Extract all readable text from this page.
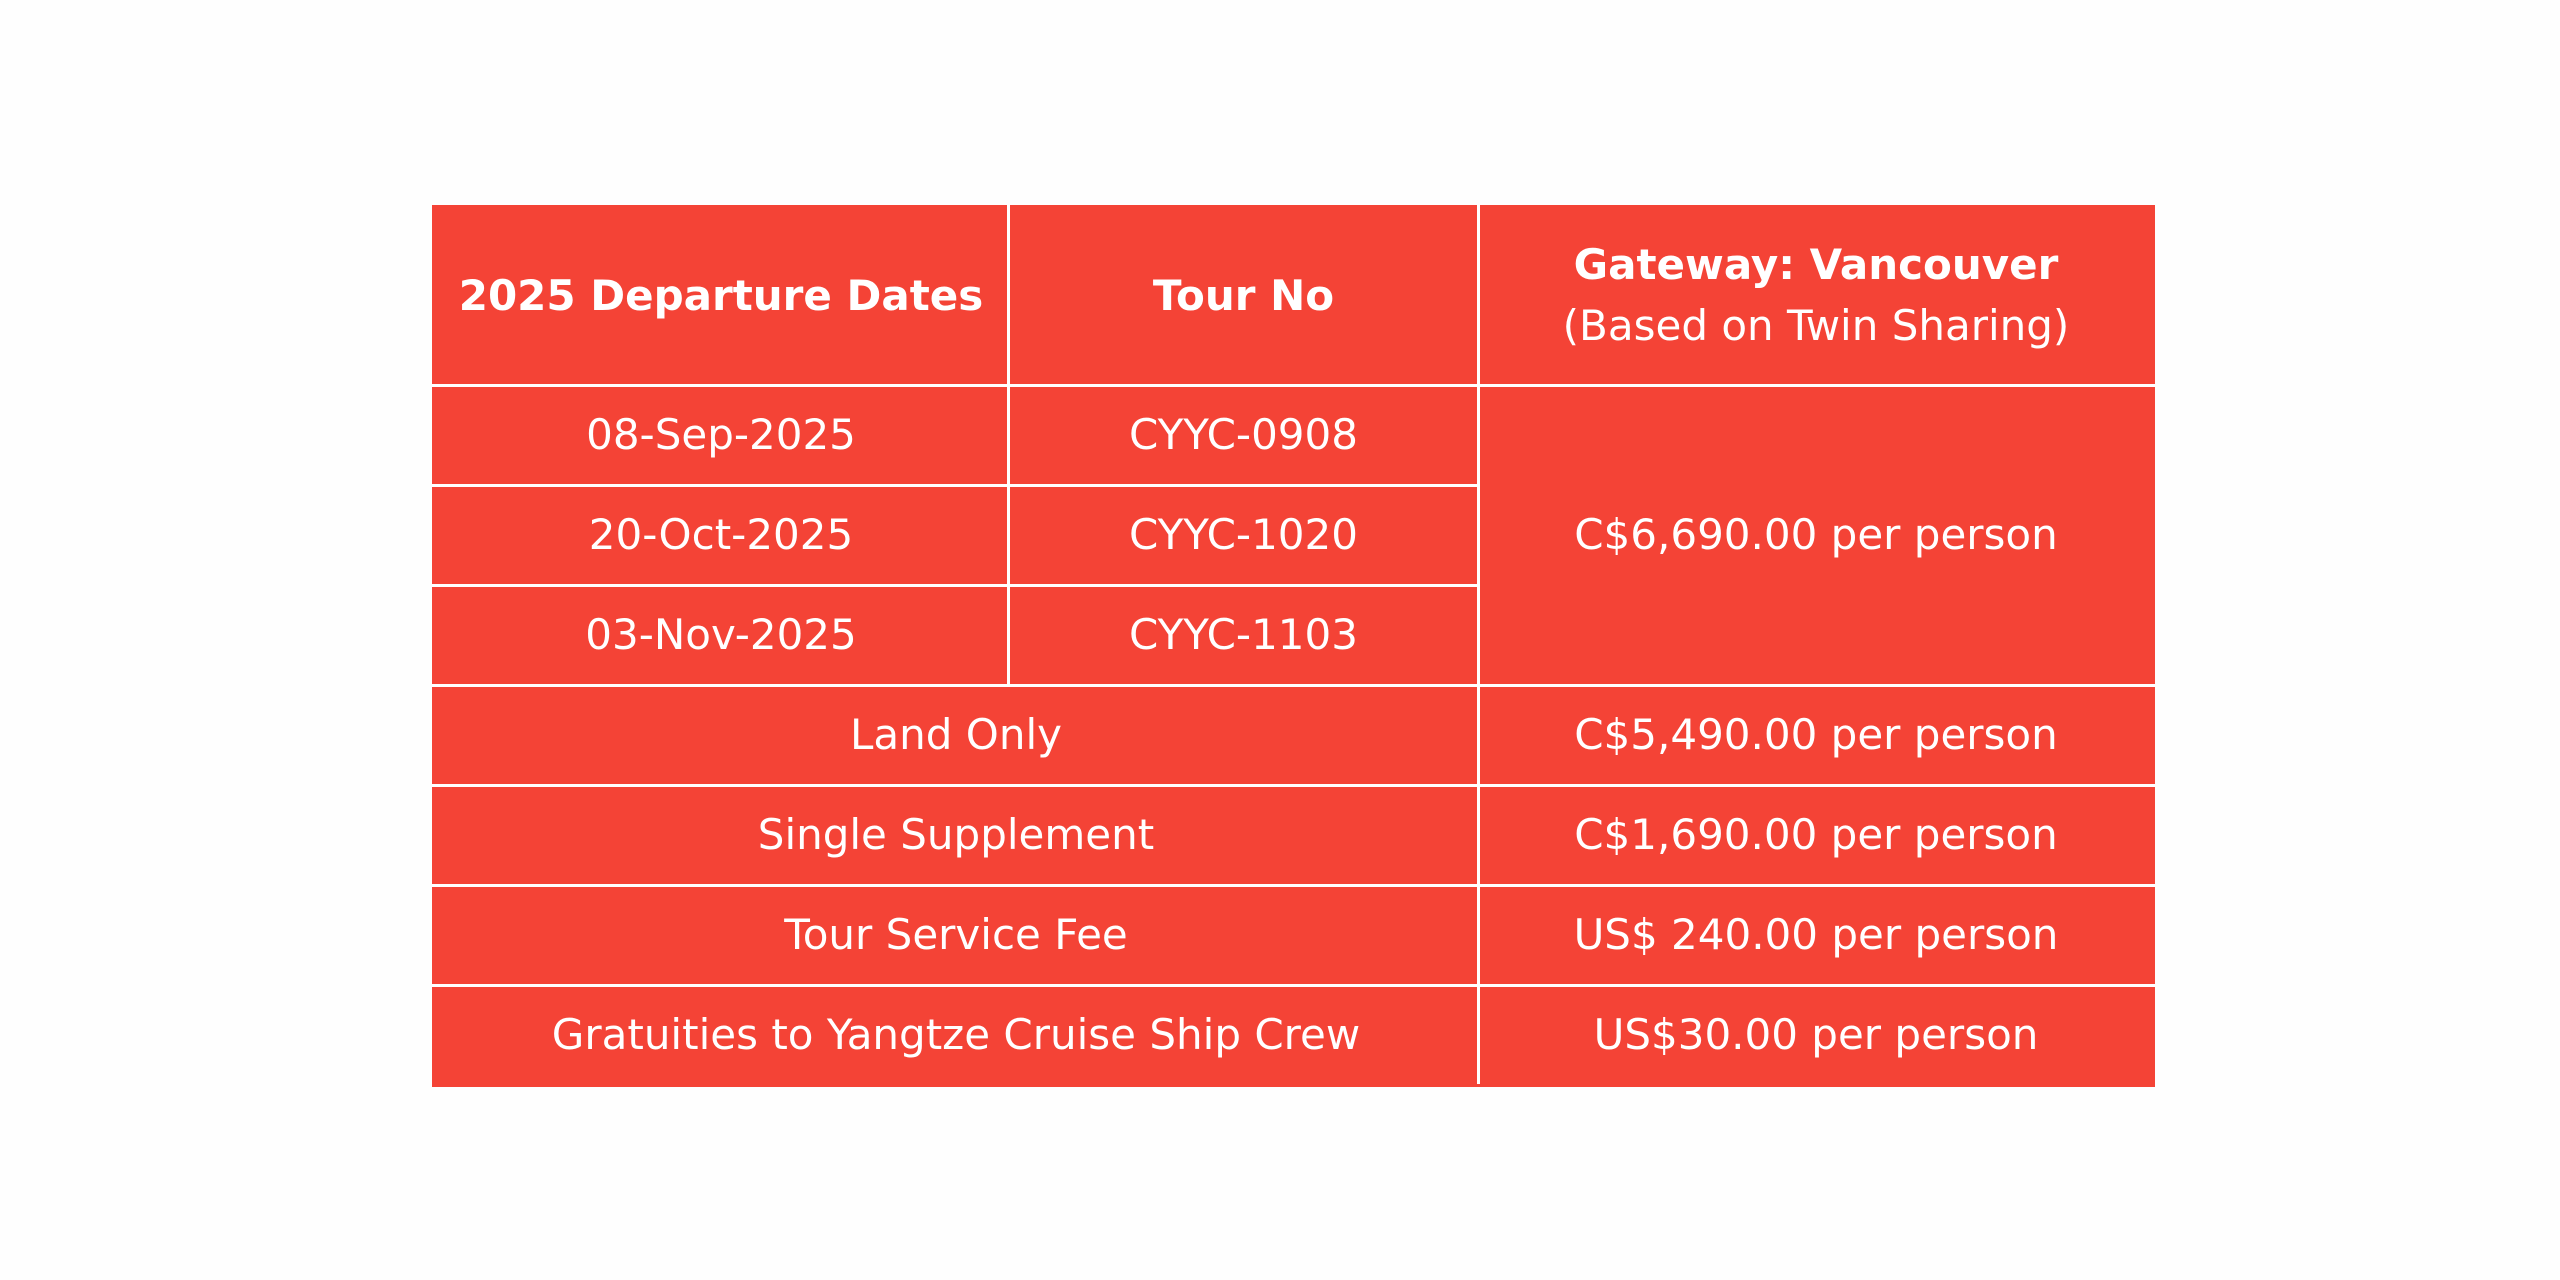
2025 Departure Dates	Tour No	Gateway: Vancouver
(Based on Twin Sharing)

08-Sep-2025	CYYC-0908	C$6,690.00 per person
20-Oct-2025	CYYC-1020	
03-Nov-2025	CYYC-1103	
Land Only		C$5,490.00 per person
Single Supplement		C$1,690.00 per person
Tour Service Fee		US$ 240.00 per person
Gratuities to Yangtze Cruise Ship Crew		US$30.00 per person
